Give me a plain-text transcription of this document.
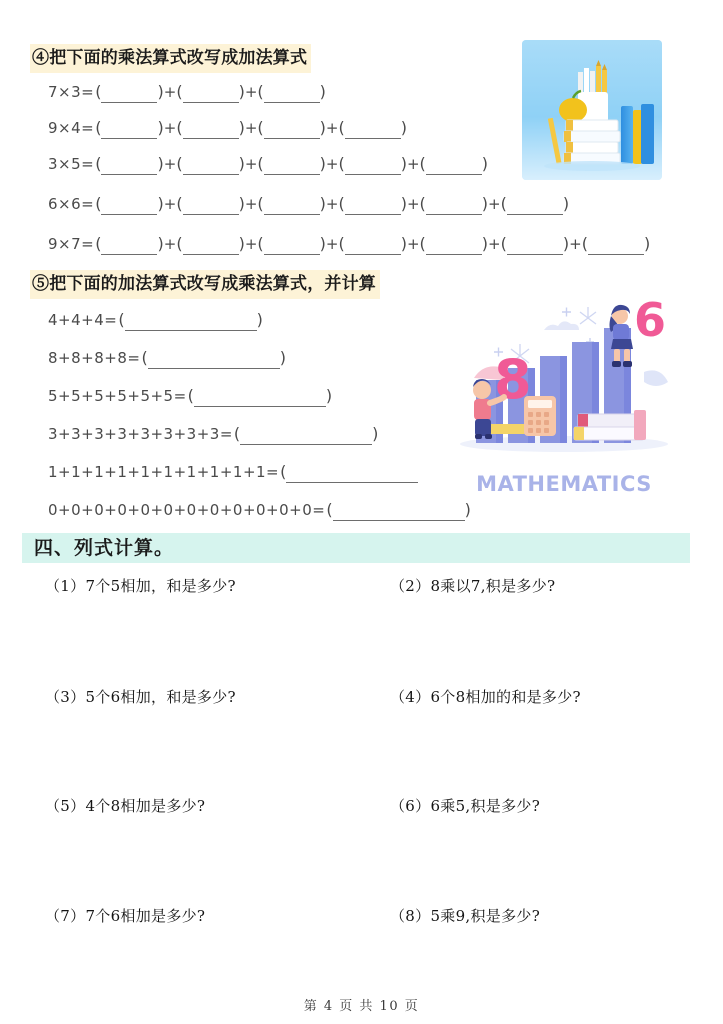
④把下面的乘法算式改写成加法算式
7×3= (	) + (	) + (	)
9×4= (	) + (	) + (	) + (	)
3×5= (	) + (	) + (	) + (	) + (	)
6×6= (	) + (	) + (	) + (	) + (	) + (	)
9×7= (	) + (	) + (	) + (	) + (	) + (	) + (	)
⑤把下面的加法算式改写成乘法算式，并计算
4+4+4= (	)
8+8+8+8= (	)
5+5+5+5+5+5= (	)
3+3+3+3+3+3+3+3= (	)
1+1+1+1+1+1+1+1+1+1= (
0+0+0+0+0+0+0+0+0+0+0+0= (	)
8
6
MATHEMATICS
四、列式计算。
（1）7个5相加，和是多少?	（2）8乘以7,积是多少?
（3）5个6相加，和是多少?	（4）6个8相加的和是多少?
（5）4个8相加是多少?	（6）6乘5,积是多少?
（7）7个6相加是多少?	（8）5乘9,积是多少?
第 4 页 共 10 页
